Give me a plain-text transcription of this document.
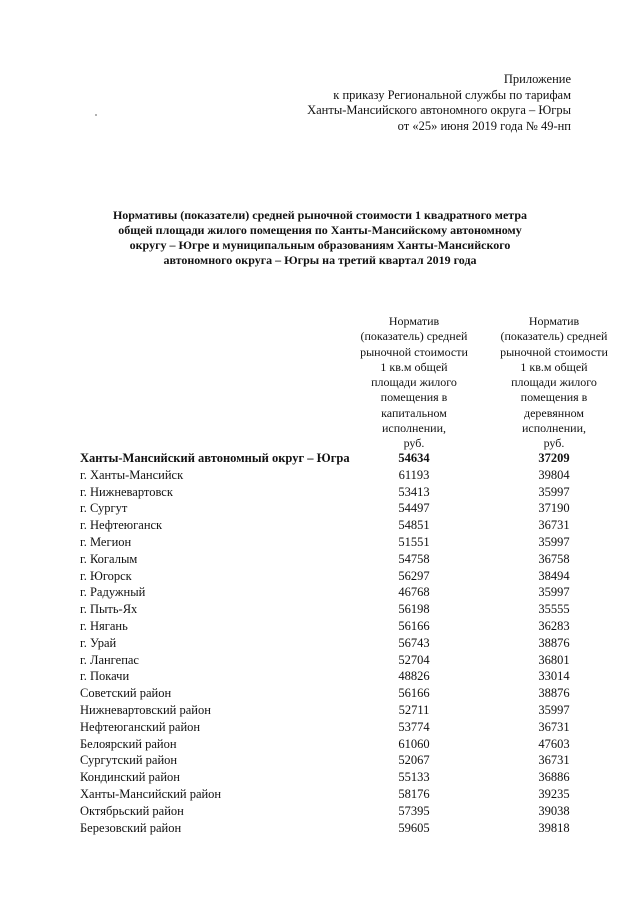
Приложение
к приказу Региональной службы по тарифам
Ханты-Мансийского автономного округа – Югры
от «25» июня 2019 года № 49-нп
Нормативы (показатели) средней рыночной стоимости 1 квадратного метра
общей площади жилого помещения по Ханты-Мансийскому автономному
округу – Югре и муниципальным образованиям Ханты-Мансийского
автономного округа – Югры на третий квартал 2019 года
Норматив
(показатель) средней
рыночной стоимости
1 кв.м общей
площади жилого
помещения в
капитальном
исполнении,
руб.
Норматив
(показатель) средней
рыночной стоимости
1 кв.м общей
площади жилого
помещения в
деревянном
исполнении,
руб.
Ханты-Мансийский автономный округ – Югра	54634	37209
г. Ханты-Мансийск	61193	39804
г. Нижневартовск	53413	35997
г. Сургут	54497	37190
г. Нефтеюганск	54851	36731
г. Мегион	51551	35997
г. Когалым	54758	36758
г. Югорск	56297	38494
г. Радужный	46768	35997
г. Пыть-Ях	56198	35555
г. Нягань	56166	36283
г. Урай	56743	38876
г. Лангепас	52704	36801
г. Покачи	48826	33014
Советский район	56166	38876
Нижневартовский район	52711	35997
Нефтеюганский район	53774	36731
Белоярский район	61060	47603
Сургутский район	52067	36731
Кондинский район	55133	36886
Ханты-Мансийский район	58176	39235
Октябрьский район	57395	39038
Березовский район	59605	39818
